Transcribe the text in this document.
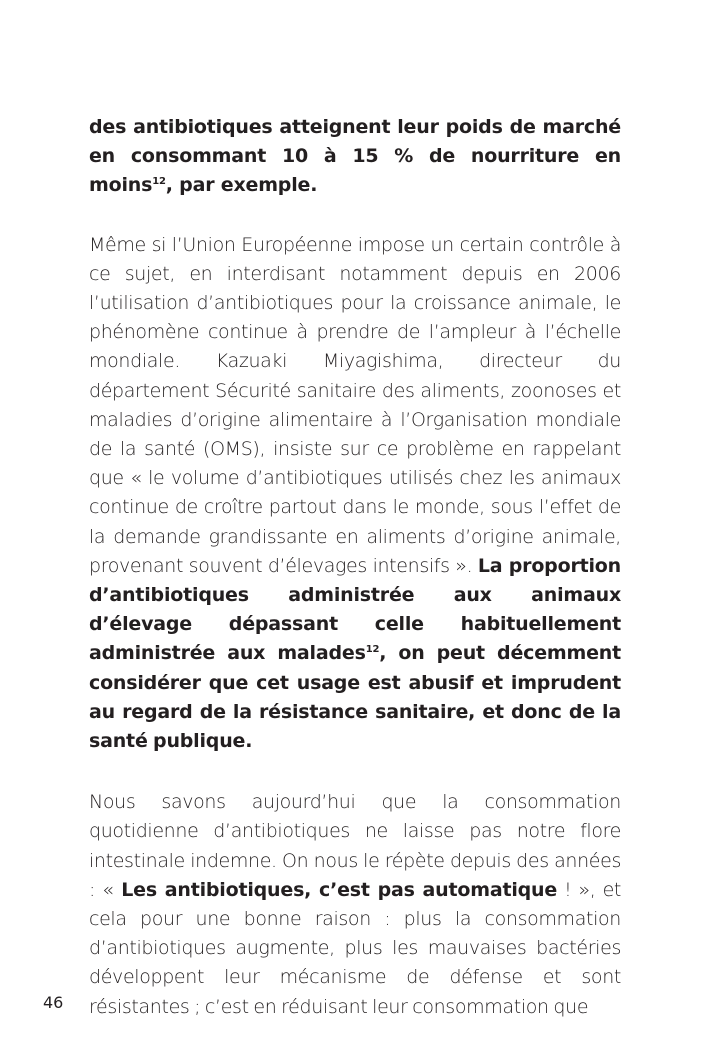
des antibiotiques atteignent leur poids de marché en consommant 10 à 15 % de nourriture en moins$^{12}$, par exemple.

Même si l’Union Européenne impose un certain contrôle à ce sujet, en interdisant notamment depuis en 2006 l’utilisation d’antibiotiques pour la croissance animale, le phénomène continue à prendre de l’ampleur à l’échelle mondiale. Kazuaki Miyagishima, directeur du département Sécurité sanitaire des aliments, zoonoses et maladies d’origine alimentaire à l’Organisation mondiale de la santé (OMS), insiste sur ce problème en rappelant que « le volume d’antibiotiques utilisés chez les animaux continue de croître partout dans le monde, sous l’effet de la demande grandissante en aliments d’origine animale, provenant souvent d’élevages intensifs ». La proportion d’antibiotiques administrée aux animaux d’élevage dépassant celle habituellement administrée aux malades$^{12}$, on peut décemment considérer que cet usage est abusif et imprudent au regard de la résistance sanitaire, et donc de la santé publique.

Nous savons aujourd’hui que la consommation quotidienne d’antibiotiques ne laisse pas notre flore intestinale indemne. On nous le répète depuis des années : « Les antibiotiques, c’est pas automatique ! », et cela pour une bonne raison : plus la consommation d’antibiotiques augmente, plus les mauvaises bactéries développent leur mécanisme de défense et sont résistantes ; c’est en réduisant leur consommation que

46
